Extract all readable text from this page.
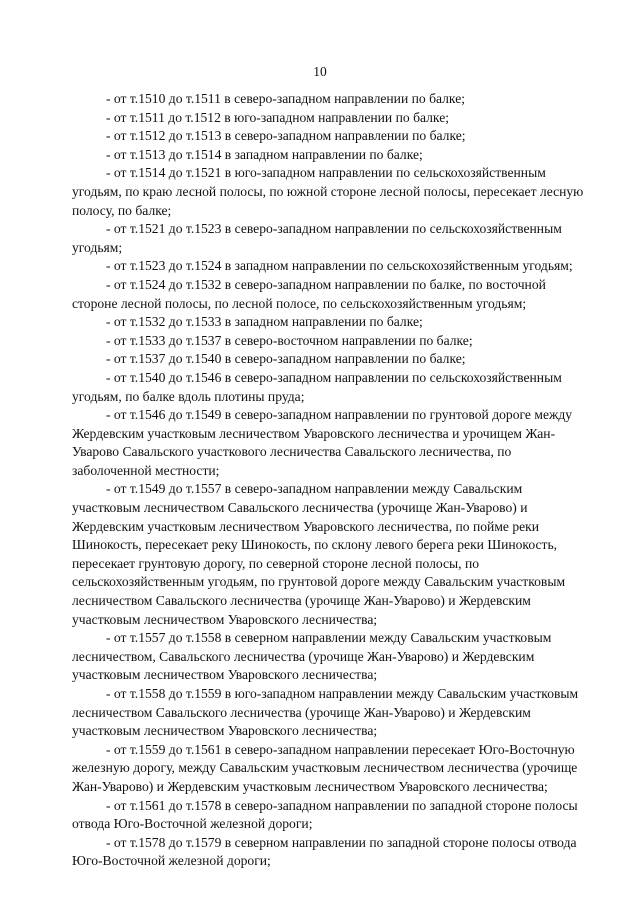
10

- от т.1510 до т.1511 в северо-западном направлении по балке;

- от т.1511 до т.1512 в юго-западном направлении по балке;

- от т.1512 до т.1513 в северо-западном направлении по балке;

- от т.1513 до т.1514 в западном направлении по балке;

- от т.1514 до т.1521 в юго-западном направлении по сельскохозяйственным угодьям, по краю лесной полосы, по южной стороне лесной полосы, пересекает лесную полосу, по балке;

- от т.1521 до т.1523 в северо-западном направлении по сельскохозяйственным угодьям;

- от т.1523 до т.1524 в западном направлении по сельскохозяйственным угодьям;

- от т.1524 до т.1532 в северо-западном направлении по балке, по восточной стороне лесной полосы, по лесной полосе, по сельскохозяйственным угодьям;

- от т.1532 до т.1533 в западном направлении по балке;

- от т.1533 до т.1537 в северо-восточном направлении по балке;

- от т.1537 до т.1540 в северо-западном направлении по балке;

- от т.1540 до т.1546 в северо-западном направлении по сельскохозяйственным угодьям, по балке вдоль плотины пруда;

- от т.1546 до т.1549 в северо-западном направлении по грунтовой дороге между Жердевским участковым лесничеством Уваровского лесничества и урочищем Жан-Уварово Савальского участкового лесничества Савальского лесничества, по заболоченной местности;

- от т.1549 до т.1557 в северо-западном направлении между Савальским участковым лесничеством Савальского лесничества (урочище Жан-Уварово) и Жердевским участковым лесничеством Уваровского лесничества, по пойме реки Шинокость, пересекает реку Шинокость, по склону левого берега реки Шинокость, пересекает грунтовую дорогу, по северной стороне лесной полосы, по сельскохозяйственным угодьям, по грунтовой дороге между Савальским участковым лесничеством Савальского лесничества (урочище Жан-Уварово) и Жердевским участковым лесничеством Уваровского лесничества;

- от т.1557 до т.1558 в северном направлении между Савальским участковым лесничеством, Савальского лесничества (урочище Жан-Уварово) и Жердевским участковым лесничеством Уваровского лесничества;

- от т.1558 до т.1559 в юго-западном направлении между Савальским участковым лесничеством Савальского лесничества (урочище Жан-Уварово) и Жердевским участковым лесничеством Уваровского лесничества;

- от т.1559 до т.1561 в северо-западном направлении пересекает Юго-Восточную железную дорогу, между Савальским участковым лесничеством лесничества (урочище Жан-Уварово) и Жердевским участковым лесничеством Уваровского лесничества;

- от т.1561 до т.1578 в северо-западном направлении по западной стороне полосы отвода Юго-Восточной железной дороги;

- от т.1578 до т.1579 в северном направлении по западной стороне полосы отвода Юго-Восточной железной дороги;
